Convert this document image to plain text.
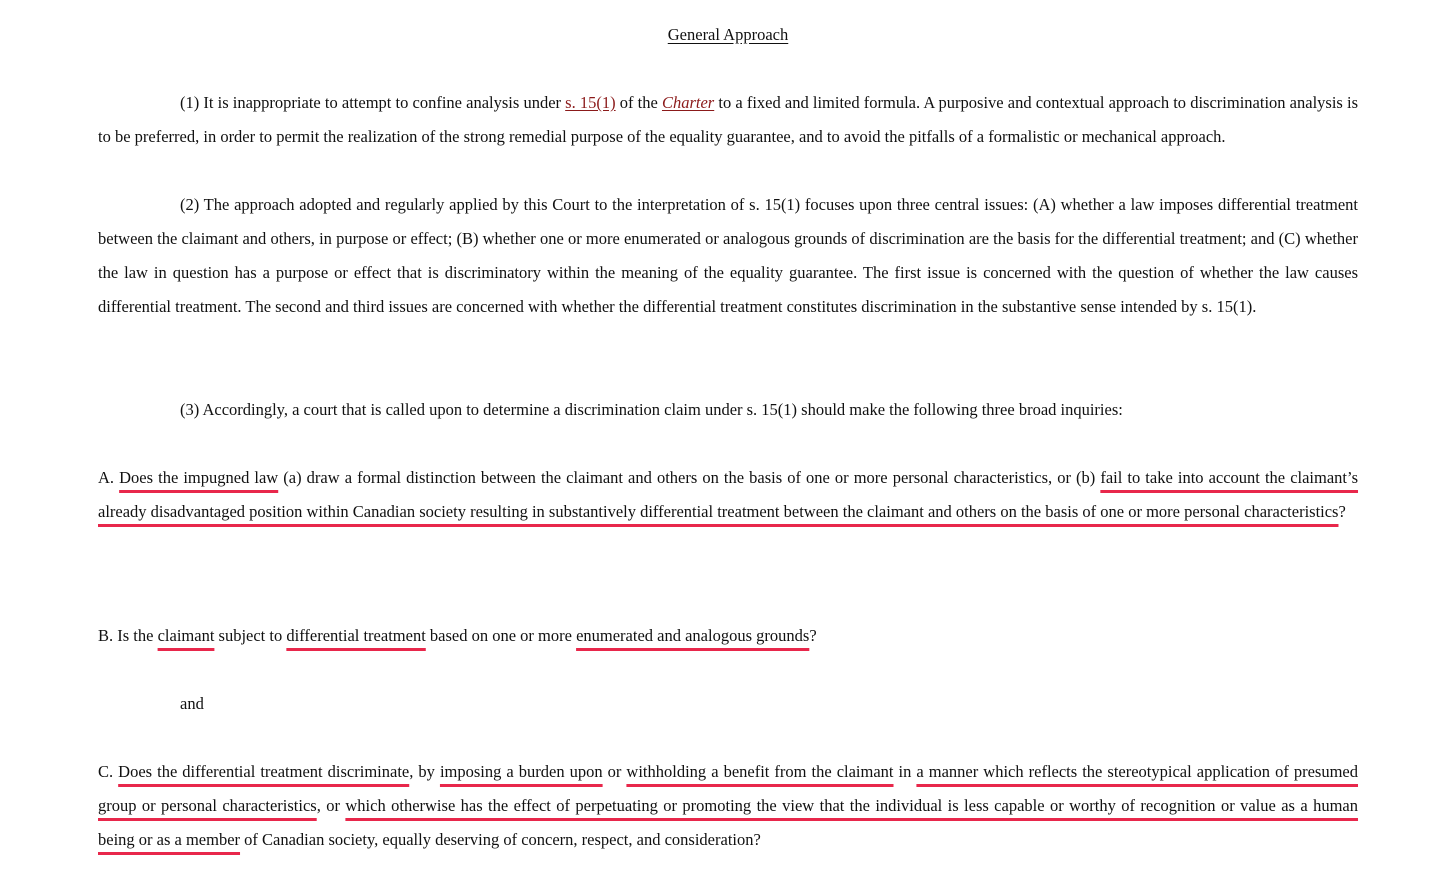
General Approach

(1) It is inappropriate to attempt to confine analysis under s. 15(1) of the Charter to a fixed and limited formula. A purposive and contextual approach to discrimination analysis is to be preferred, in order to permit the realization of the strong remedial purpose of the equality guarantee, and to avoid the pitfalls of a formalistic or mechanical approach.

(2) The approach adopted and regularly applied by this Court to the interpretation of s. 15(1) focuses upon three central issues: (A) whether a law imposes differential treatment between the claimant and others, in purpose or effect; (B) whether one or more enumerated or analogous grounds of discrimination are the basis for the differential treatment; and (C) whether the law in question has a purpose or effect that is discriminatory within the meaning of the equality guarantee. The first issue is concerned with the question of whether the law causes differential treatment. The second and third issues are concerned with whether the differential treatment constitutes discrimination in the substantive sense intended by s. 15(1).

(3) Accordingly, a court that is called upon to determine a discrimination claim under s. 15(1) should make the following three broad inquiries:

A. Does the impugned law (a) draw a formal distinction between the claimant and others on the basis of one or more personal characteristics, or (b) fail to take into account the claimant’s already disadvantaged position within Canadian society resulting in substantively differential treatment between the claimant and others on the basis of one or more personal characteristics?

B. Is the claimant subject to differential treatment based on one or more enumerated and analogous grounds?

and

C. Does the differential treatment discriminate, by imposing a burden upon or withholding a benefit from the claimant in a manner which reflects the stereotypical application of presumed group or personal characteristics, or which otherwise has the effect of perpetuating or promoting the view that the individual is less capable or worthy of recognition or value as a human being or as a member of Canadian society, equally deserving of concern, respect, and consideration?
